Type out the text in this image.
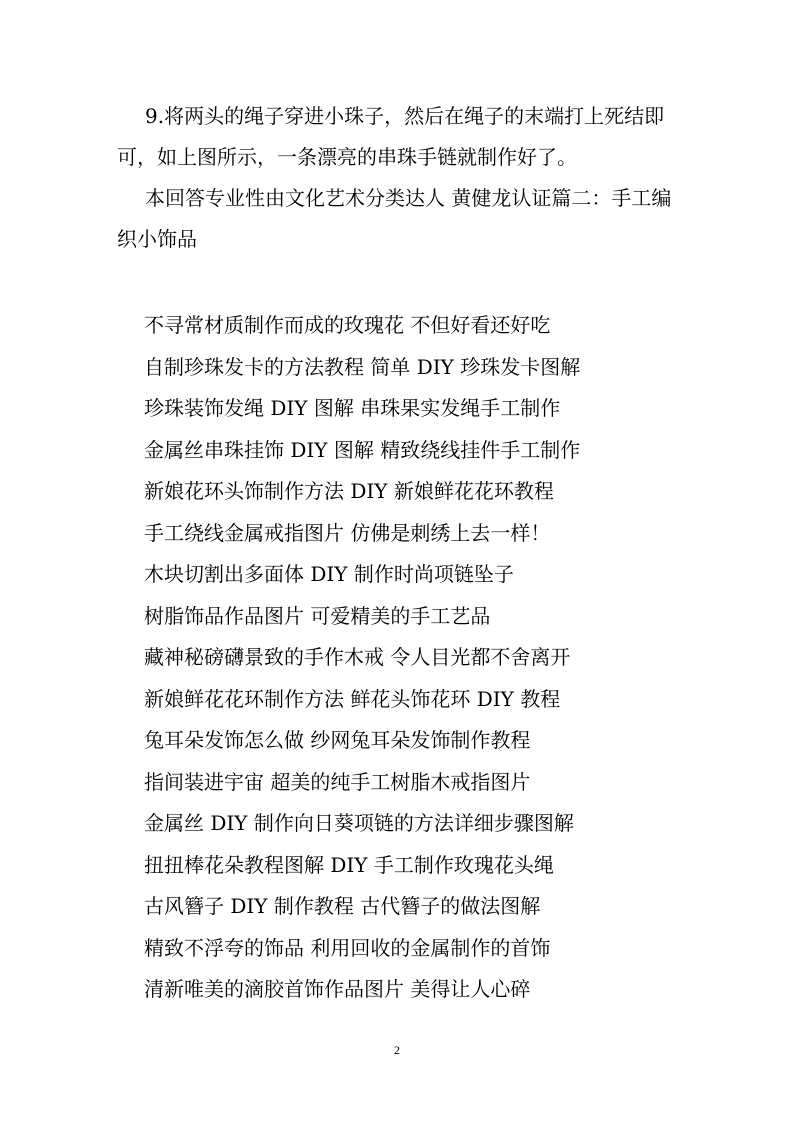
9.将两头的绳子穿进小珠子，然后在绳子的末端打上死结即可，如上图所示，一条漂亮的串珠手链就制作好了。

本回答专业性由文化艺术分类达人 黄健龙认证篇二：手工编织小饰品

不寻常材质制作而成的玫瑰花 不但好看还好吃
自制珍珠发卡的方法教程 简单 DIY 珍珠发卡图解
珍珠装饰发绳 DIY 图解 串珠果实发绳手工制作
金属丝串珠挂饰 DIY 图解 精致绕线挂件手工制作
新娘花环头饰制作方法 DIY 新娘鲜花花环教程
手工绕线金属戒指图片 仿佛是刺绣上去一样！
木块切割出多面体 DIY 制作时尚项链坠子
树脂饰品作品图片 可爱精美的手工艺品
藏神秘磅礴景致的手作木戒 令人目光都不舍离开
新娘鲜花花环制作方法 鲜花头饰花环 DIY 教程
兔耳朵发饰怎么做 纱网兔耳朵发饰制作教程
指间装进宇宙 超美的纯手工树脂木戒指图片
金属丝 DIY 制作向日葵项链的方法详细步骤图解
扭扭棒花朵教程图解 DIY 手工制作玫瑰花头绳
古风簪子 DIY 制作教程 古代簪子的做法图解
精致不浮夸的饰品 利用回收的金属制作的首饰
清新唯美的滴胶首饰作品图片 美得让人心碎
2
